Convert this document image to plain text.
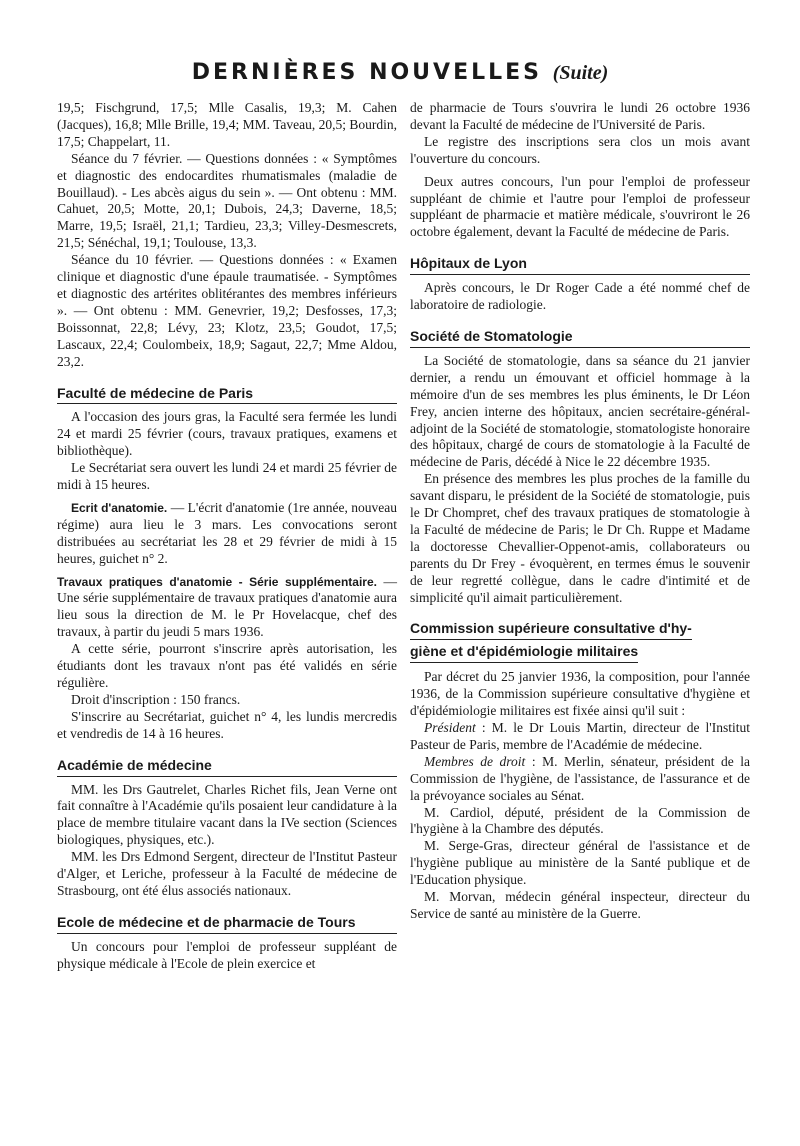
DERNIÈRES NOUVELLES (Suite)

19,5; Fischgrund, 17,5; Mlle Casalis, 19,3; M. Cahen (Jacques), 16,8; Mlle Brille, 19,4; MM. Taveau, 20,5; Bourdin, 17,5; Chappelart, 11.

Séance du 7 février. — Questions données : « Symptômes et diagnostic des endocardites rhumatismales (maladie de Bouillaud). - Les abcès aigus du sein ». — Ont obtenu : MM. Cahuet, 20,5; Motte, 20,1; Dubois, 24,3; Daverne, 18,5; Marre, 19,5; Israël, 21,1; Tardieu, 23,3; Villey-Desmescrets, 21,5; Sénéchal, 19,1; Toulouse, 13,3.

Séance du 10 février. — Questions données : « Examen clinique et diagnostic d'une épaule traumatisée. - Symptômes et diagnostic des artérites oblitérantes des membres inférieurs ». — Ont obtenu : MM. Genevrier, 19,2; Desfosses, 17,3; Boissonnat, 22,8; Lévy, 23; Klotz, 23,5; Goudot, 17,5; Lascaux, 22,4; Coulombeix, 18,9; Sagaut, 22,7; Mme Aldou, 23,2.

Faculté de médecine de Paris

A l'occasion des jours gras, la Faculté sera fermée les lundi 24 et mardi 25 février (cours, travaux pratiques, examens et bibliothèque).

Le Secrétariat sera ouvert les lundi 24 et mardi 25 février de midi à 15 heures.

Ecrit d'anatomie. — L'écrit d'anatomie (1re année, nouveau régime) aura lieu le 3 mars. Les convocations seront distribuées au secrétariat les 28 et 29 février de midi à 15 heures, guichet n° 2.

Travaux pratiques d'anatomie - Série supplémentaire. — Une série supplémentaire de travaux pratiques d'anatomie aura lieu sous la direction de M. le Pr Hovelacque, chef des travaux, à partir du jeudi 5 mars 1936.

A cette série, pourront s'inscrire après autorisation, les étudiants dont les travaux n'ont pas été validés en série régulière.

Droit d'inscription : 150 francs.

S'inscrire au Secrétariat, guichet n° 4, les lundis mercredis et vendredis de 14 à 16 heures.

Académie de médecine

MM. les Drs Gautrelet, Charles Richet fils, Jean Verne ont fait connaître à l'Académie qu'ils posaient leur candidature à la place de membre titulaire vacant dans la IVe section (Sciences biologiques, physiques, etc.).

MM. les Drs Edmond Sergent, directeur de l'Institut Pasteur d'Alger, et Leriche, professeur à la Faculté de médecine de Strasbourg, ont été élus associés nationaux.

Ecole de médecine et de pharmacie de Tours

Un concours pour l'emploi de professeur suppléant de physique médicale à l'Ecole de plein exercice et

de pharmacie de Tours s'ouvrira le lundi 26 octobre 1936 devant la Faculté de médecine de l'Université de Paris.

Le registre des inscriptions sera clos un mois avant l'ouverture du concours.

Deux autres concours, l'un pour l'emploi de professeur suppléant de chimie et l'autre pour l'emploi de professeur suppléant de pharmacie et matière médicale, s'ouvriront le 26 octobre également, devant la Faculté de médecine de Paris.

Hôpitaux de Lyon

Après concours, le Dr Roger Cade a été nommé chef de laboratoire de radiologie.

Société de Stomatologie

La Société de stomatologie, dans sa séance du 21 janvier dernier, a rendu un émouvant et officiel hommage à la mémoire d'un de ses membres les plus éminents, le Dr Léon Frey, ancien interne des hôpitaux, ancien secrétaire-général-adjoint de la Société de stomatologie, stomatologiste honoraire des hôpitaux, chargé de cours de stomatologie à la Faculté de médecine de Paris, décédé à Nice le 22 décembre 1935.

En présence des membres les plus proches de la famille du savant disparu, le président de la Société de stomatologie, puis le Dr Chompret, chef des travaux pratiques de stomatologie à la Faculté de médecine de Paris; le Dr Ch. Ruppe et Madame la doctoresse Chevallier-Oppenot-amis, collaborateurs ou parents du Dr Frey - évoquèrent, en termes émus le souvenir de leur regretté collègue, dans le cadre d'intimité et de simplicité qu'il aimait particulièrement.

Commission supérieure consultative d'hy-
giène et d'épidémiologie militaires

Par décret du 25 janvier 1936, la composition, pour l'année 1936, de la Commission supérieure consultative d'hygiène et d'épidémiologie militaires est fixée ainsi qu'il suit :

Président : M. le Dr Louis Martin, directeur de l'Institut Pasteur de Paris, membre de l'Académie de médecine.

Membres de droit : M. Merlin, sénateur, président de la Commission de l'hygiène, de l'assistance, de l'assurance et de la prévoyance sociales au Sénat.

M. Cardiol, député, président de la Commission de l'hygiène à la Chambre des députés.

M. Serge-Gras, directeur général de l'assistance et de l'hygiène publique au ministère de la Santé publique et de l'Education physique.

M. Morvan, médecin général inspecteur, directeur du Service de santé au ministère de la Guerre.
